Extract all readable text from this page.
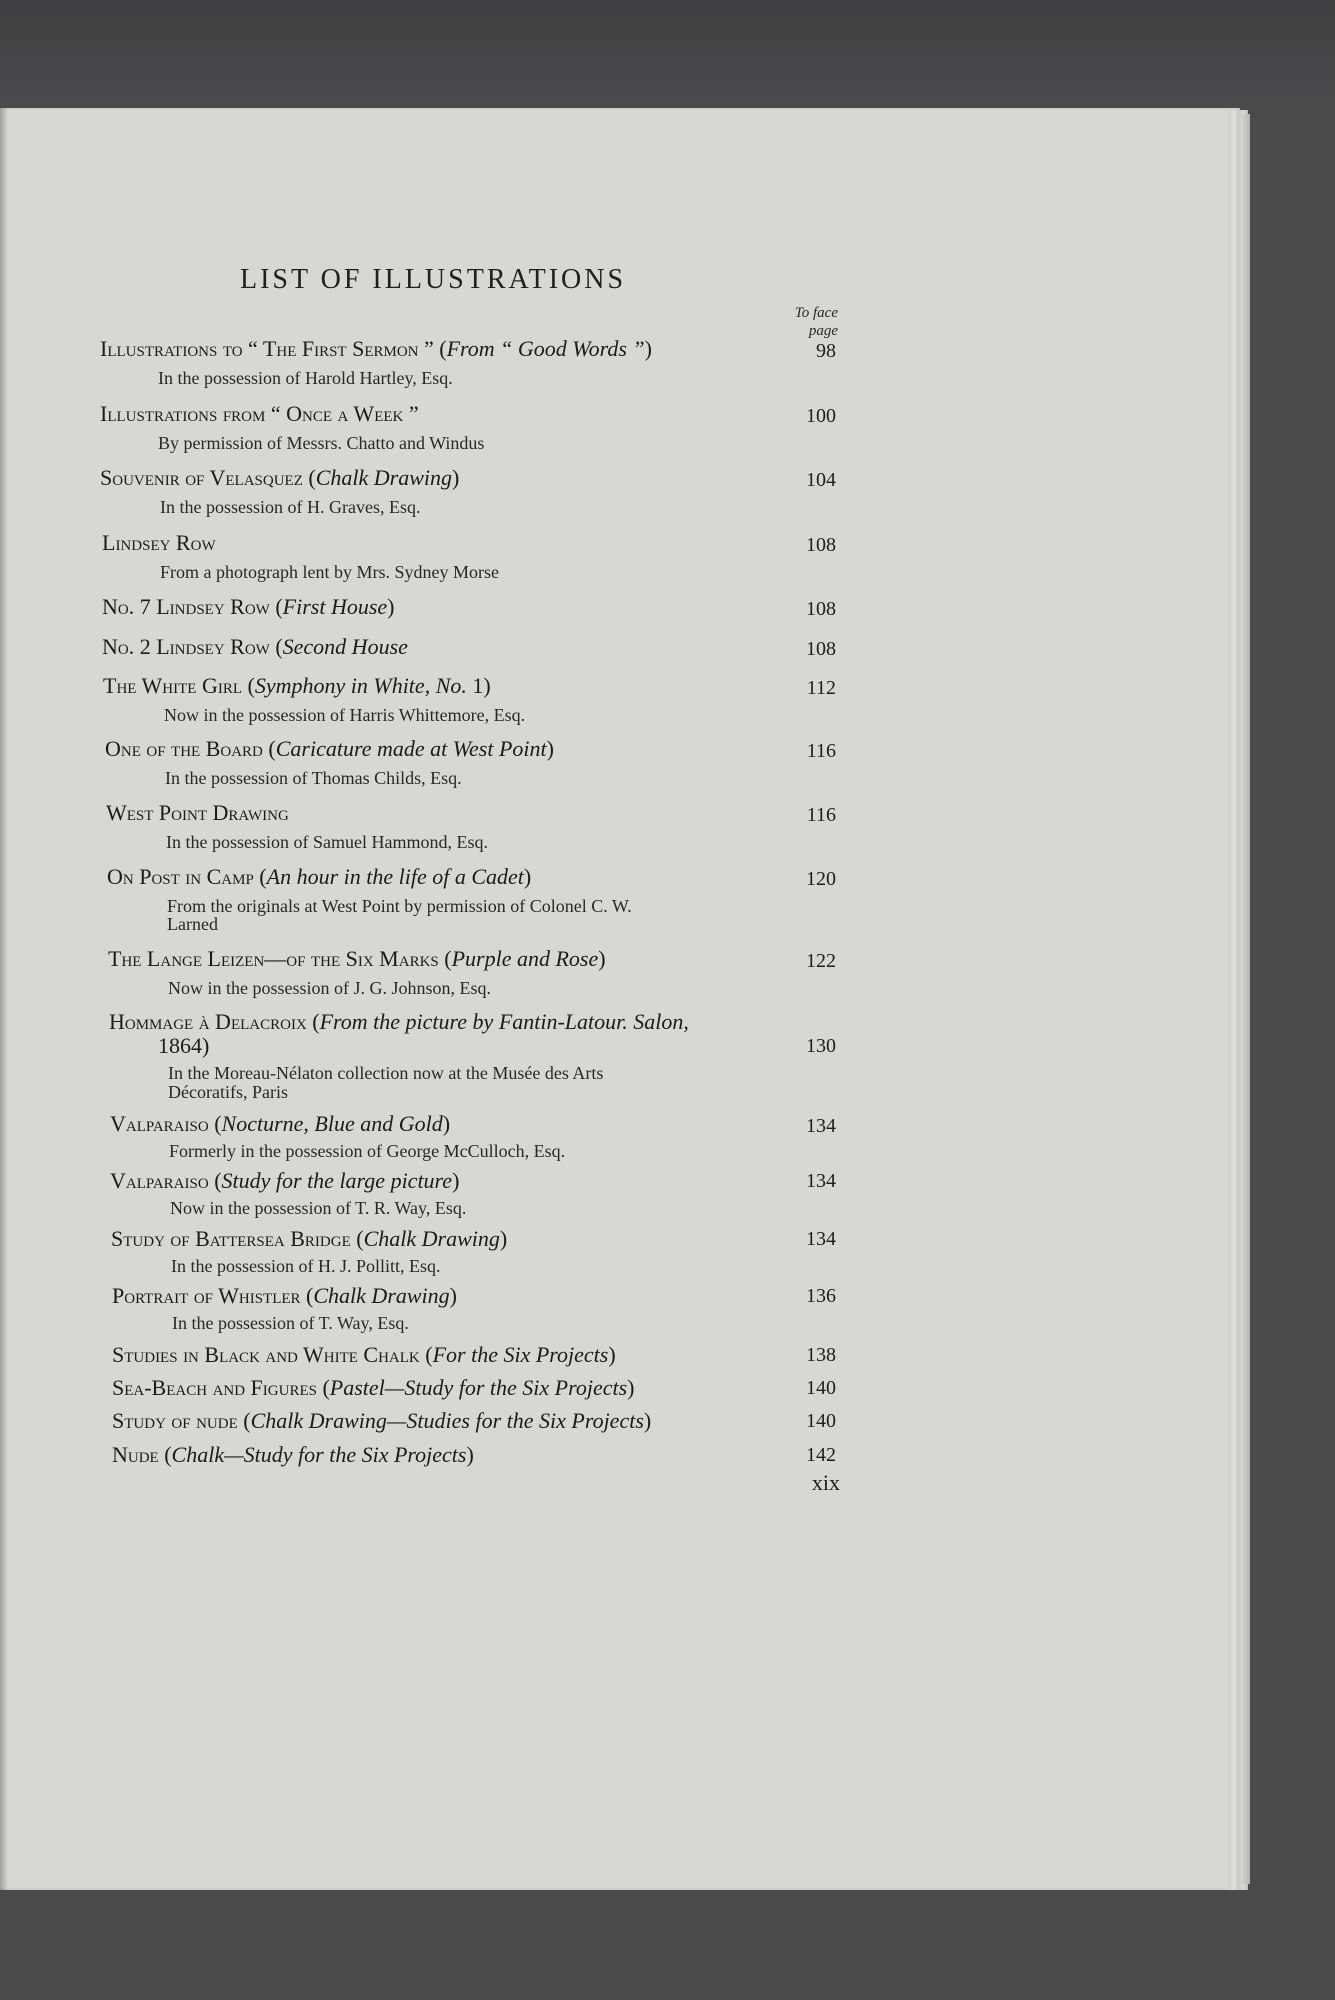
LIST OF ILLUSTRATIONS
To face
page
Illustrations to “ The First Sermon ” (From “ Good Words ”)	98
In the possession of Harold Hartley, Esq.
Illustrations from “ Once a Week ”	100
By permission of Messrs. Chatto and Windus
Souvenir of Velasquez (Chalk Drawing)	104
In the possession of H. Graves, Esq.
Lindsey Row	108
From a photograph lent by Mrs. Sydney Morse
No. 7 Lindsey Row (First House)	108
No. 2 Lindsey Row (Second House	108
The White Girl (Symphony in White, No. 1)	112
Now in the possession of Harris Whittemore, Esq.
One of the Board (Caricature made at West Point)	116
In the possession of Thomas Childs, Esq.
West Point Drawing	116
In the possession of Samuel Hammond, Esq.
On Post in Camp (An hour in the life of a Cadet)	120
From the originals at West Point by permission of Colonel C. W.
Larned
The Lange Leizen—of the Six Marks (Purple and Rose)	122
Now in the possession of J. G. Johnson, Esq.
Hommage à Delacroix (From the picture by Fantin-Latour. Salon,
1864)	130
In the Moreau-Nélaton collection now at the Musée des Arts
Décoratifs, Paris
Valparaiso (Nocturne, Blue and Gold)	134
Formerly in the possession of George McCulloch, Esq.
Valparaiso (Study for the large picture)	134
Now in the possession of T. R. Way, Esq.
Study of Battersea Bridge (Chalk Drawing)	134
In the possession of H. J. Pollitt, Esq.
Portrait of Whistler (Chalk Drawing)	136
In the possession of T. Way, Esq.
Studies in Black and White Chalk (For the Six Projects)	138
Sea-Beach and Figures (Pastel—Study for the Six Projects)	140
Study of nude (Chalk Drawing—Studies for the Six Projects)	140
Nude (Chalk—Study for the Six Projects)	142
xix
